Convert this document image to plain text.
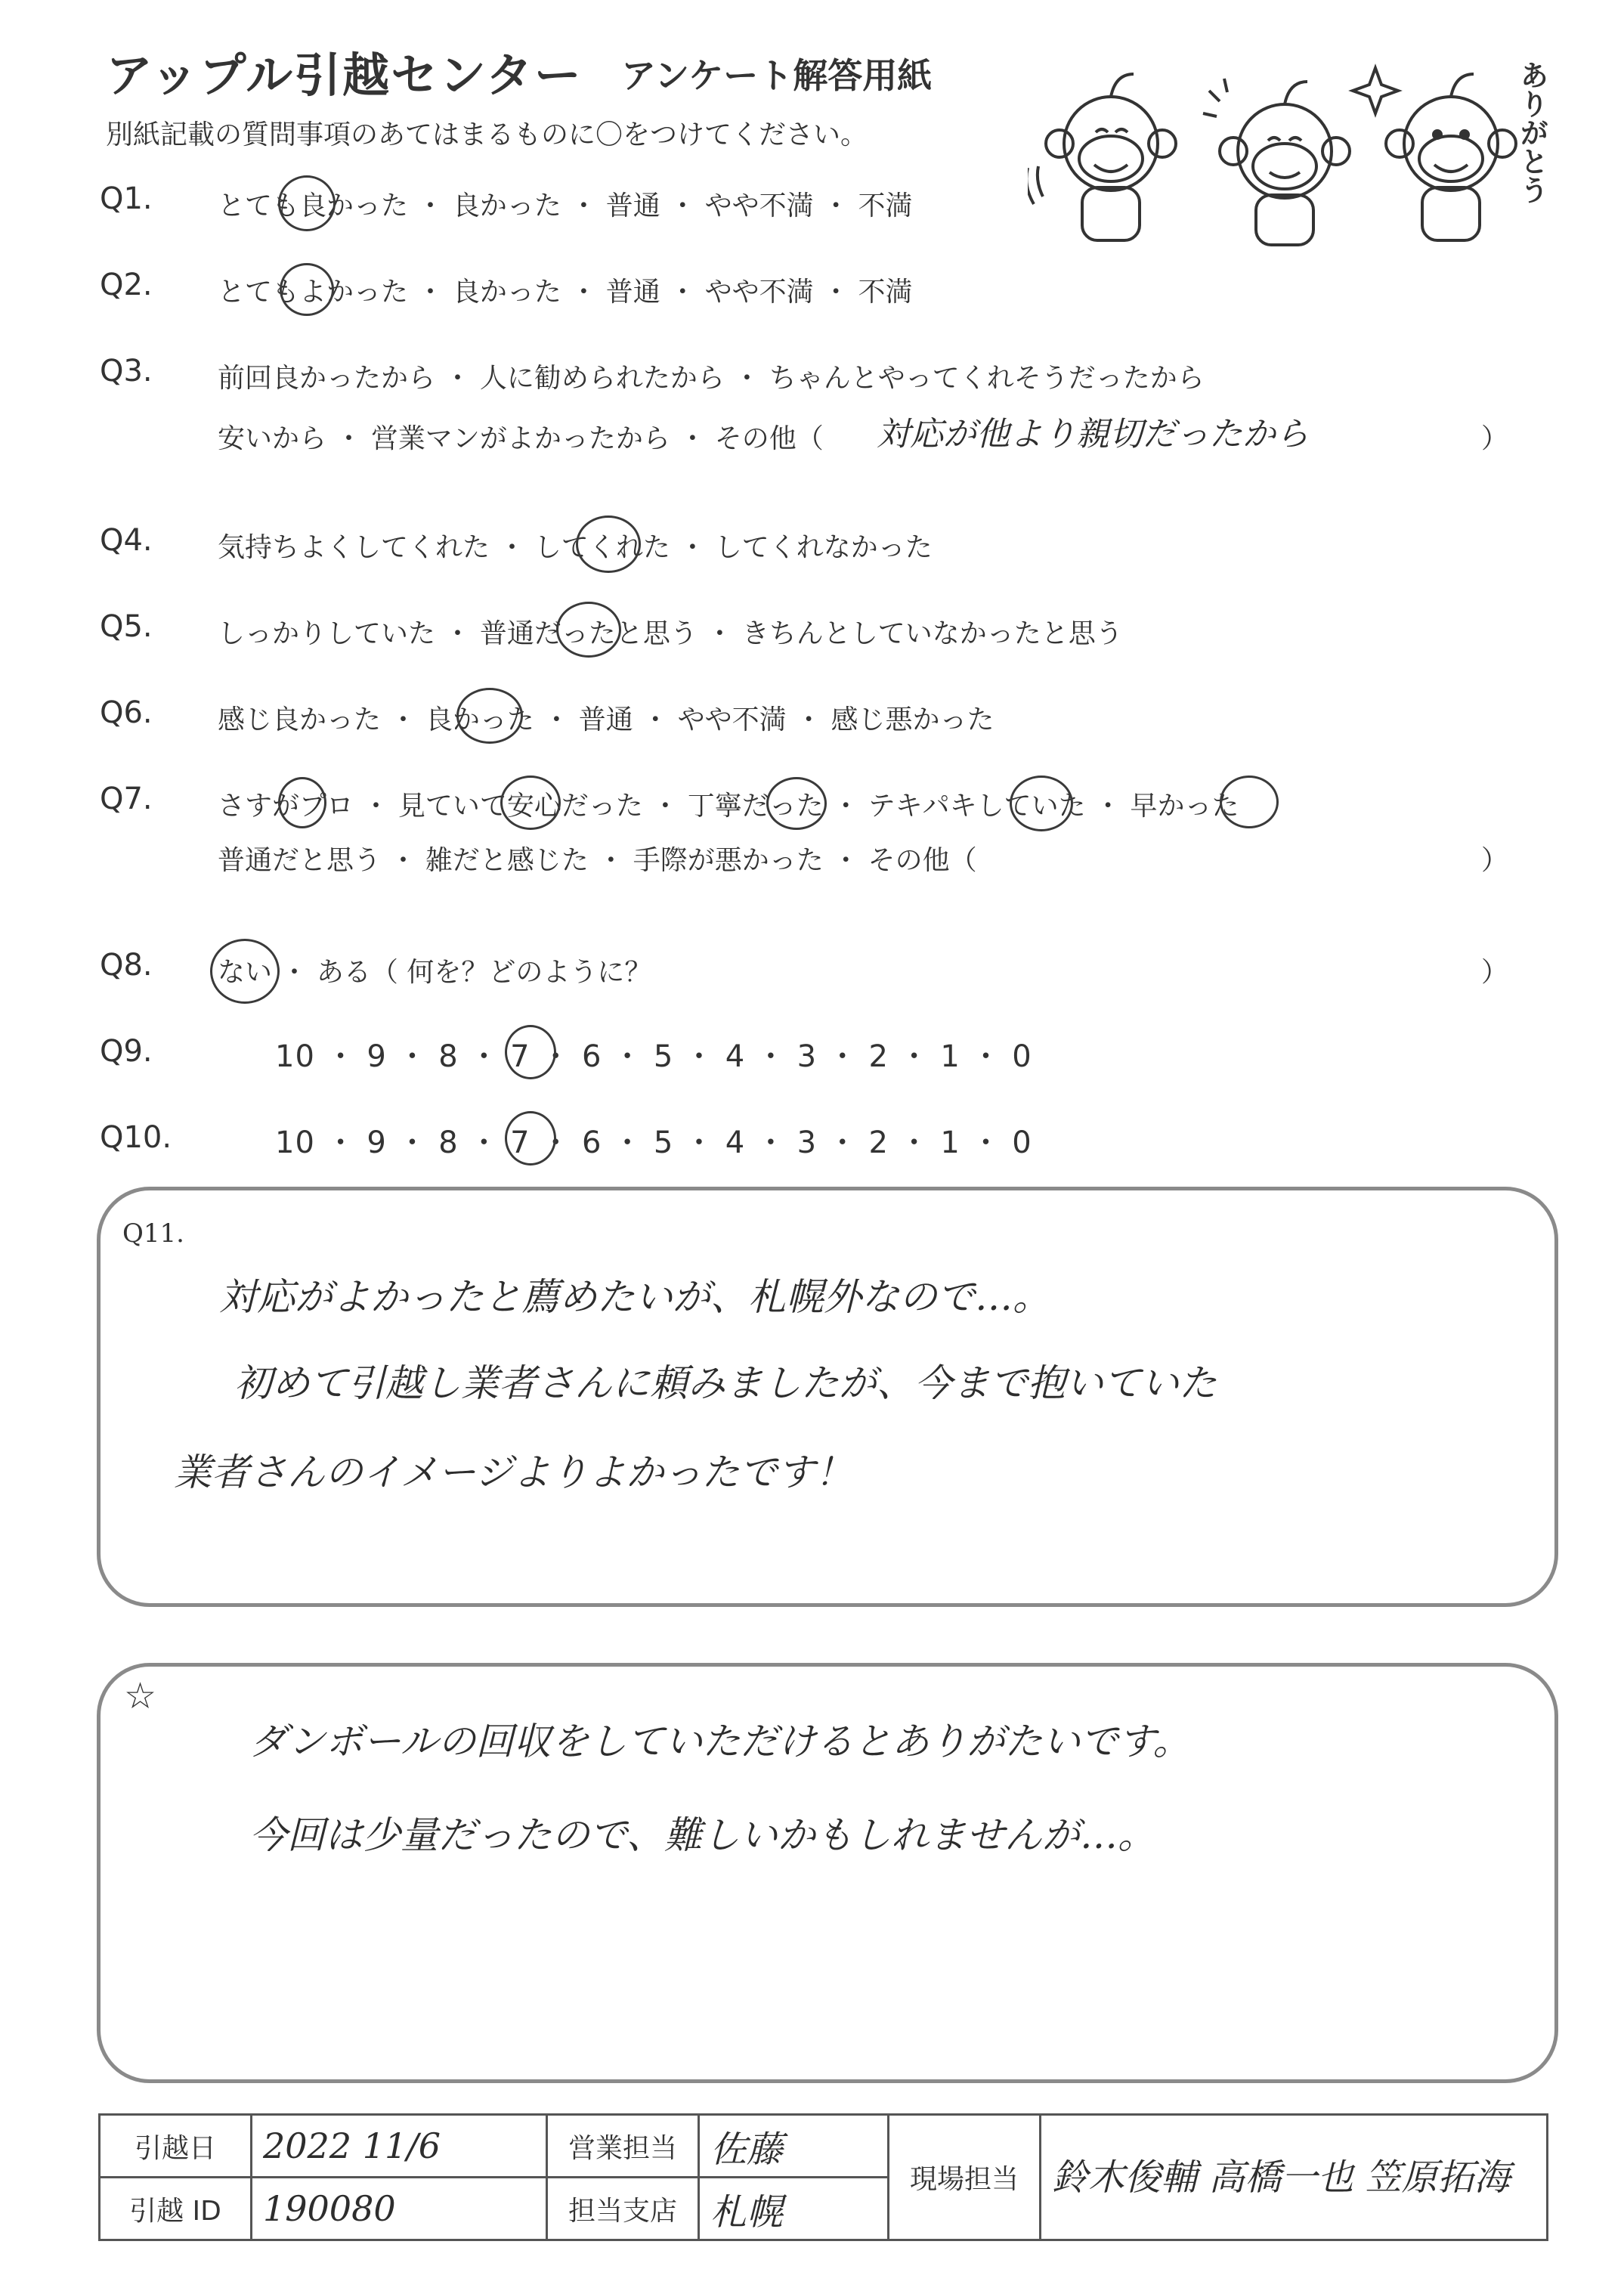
アップル引越センター アンケート解答用紙
別紙記載の質問事項のあてはまるものに〇をつけてください。	ありがとう
Q1. とても良かった ・ 良かった ・ 普通 ・ やや不満 ・ 不満
Q2. とてもよかった ・ 良かった ・ 普通 ・ やや不満 ・ 不満
Q3. 前回良かったから ・ 人に勧められたから ・ ちゃんとやってくれそうだったから
安いから ・ 営業マンがよかったから ・ その他（ 対応が他より親切だったから	）
Q4. 気持ちよくしてくれた ・ してくれた ・ してくれなかった
Q5. しっかりしていた ・ 普通だったと思う ・ きちんとしていなかったと思う
Q6. 感じ良かった ・ 良かった ・ 普通 ・ やや不満 ・ 感じ悪かった
Q7. さすがプロ ・ 見ていて安心だった ・ 丁寧だった ・ テキパキしていた ・ 早かった
普通だと思う ・ 雑だと感じた ・ 手際が悪かった ・ その他（	）
Q8. ない ・ ある（ 何を？どのように？	）
Q9.	10 ・ 9 ・ 8 ・ 7 ・ 6 ・ 5 ・ 4 ・ 3 ・ 2 ・ 1 ・ 0
Q10.	10 ・ 9 ・ 8 ・ 7 ・ 6 ・ 5 ・ 4 ・ 3 ・ 2 ・ 1 ・ 0
Q11.
対応がよかったと薦めたいが、札幌外なので…。
初めて引越し業者さんに頼みましたが、今まで抱いていた
業者さんのイメージよりよかったです！
☆
ダンボールの回収をしていただけるとありがたいです。
今回は少量だったので、難しいかもしれませんが…。
引越日	2022 11/6	営業担当	佐藤	現場担当	鈴木俊輔 高橋一也 笠原拓海
引越 ID	190080	担当支店	札幌		
